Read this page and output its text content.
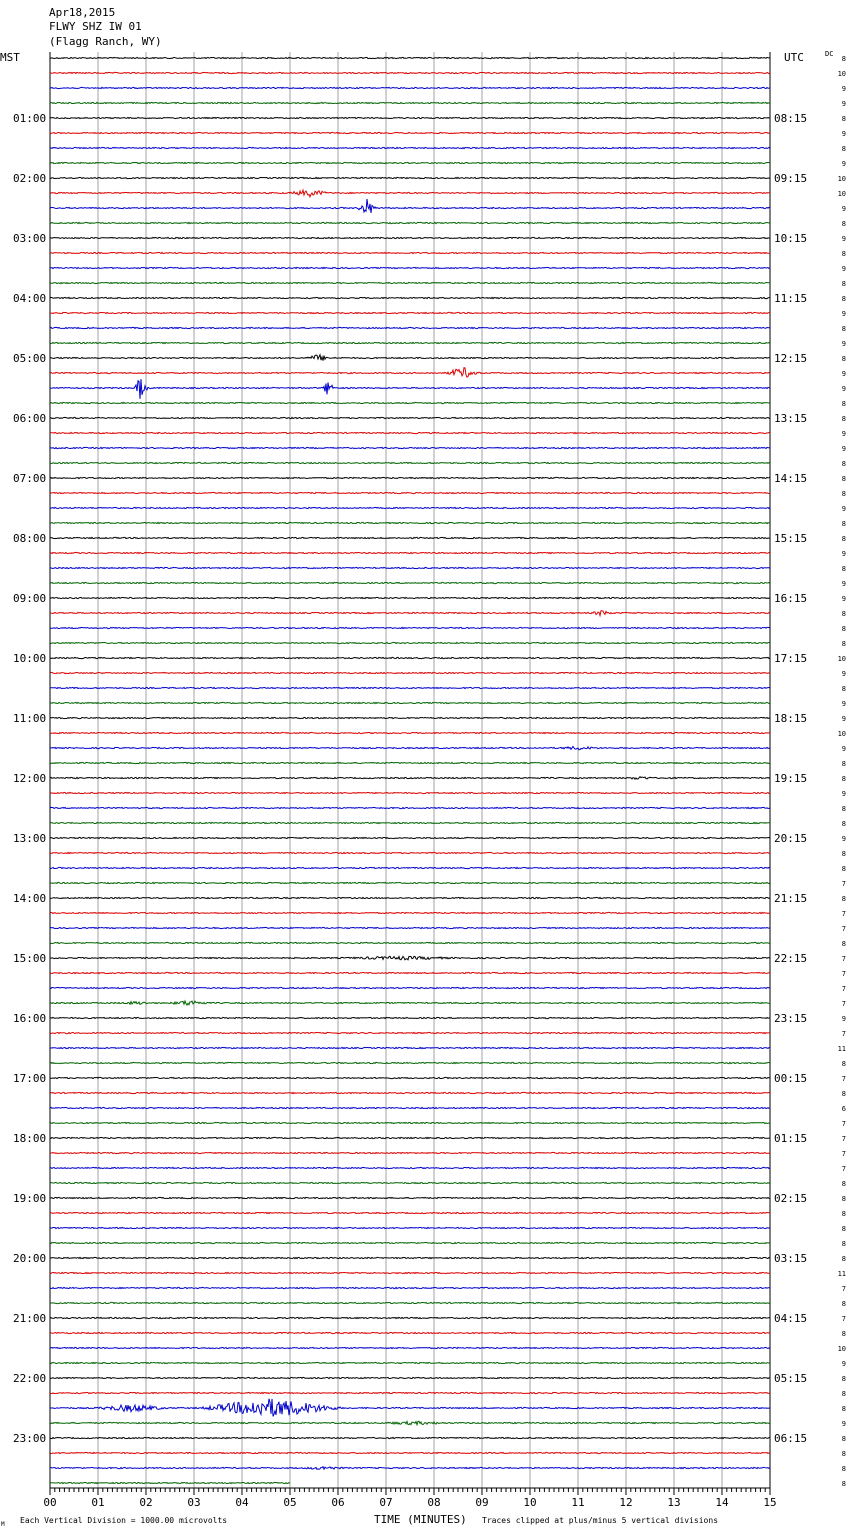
Apr18,2015
FLWY SHZ IW 01
(Flagg Ranch, WY)
MST	UTC	DC
01:00
02:00
03:00
04:00
05:00
06:00
07:00
08:00
09:00
10:00
11:00
12:00
13:00
14:00
15:00
16:00
17:00
18:00
19:00
20:00
21:00
22:00
23:00
08:15
09:15
10:15
11:15
12:15
13:15
14:15
15:15
16:15
17:15
18:15
19:15
20:15
21:15
22:15
23:15
00:15
01:15
02:15
03:15
04:15
05:15
06:15
8
10
9
9
8
9
8
9
10
10
9
8
9
8
9
8
8
9
8
9
8
9
9
8
8
9
9
8
8
8
9
8
8
9
8
9
9
8
8
8
10
9
8
9
9
10
9
8
8
9
8
8
9
8
8
7
8
7
7
8
7
7
7
7
9
7
11
8
7
8
6
7
7
7
7
8
8
8
8
8
8
11
7
8
7
8
10
9
8
8
8
9
8
8
8
8
00	01	02	03	04	05	06	07	08	09	10	11	12	13	14	15
M Each Vertical Division = 1000.00 microvolts	TIME (MINUTES) Traces clipped at plus/minus 5 vertical divisions
